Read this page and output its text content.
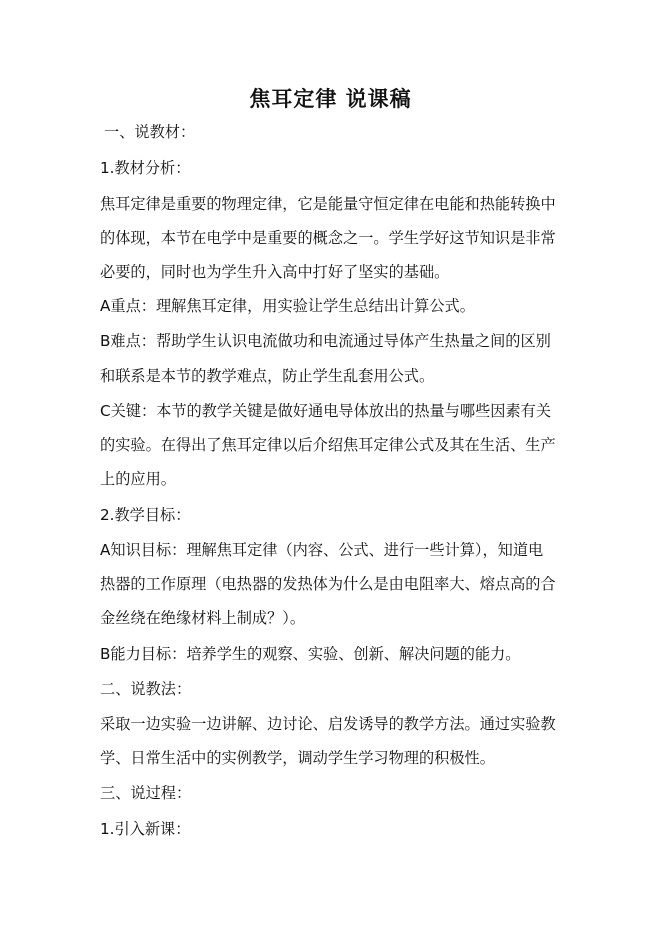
焦耳定律 说课稿
一、说教材：
1.教材分析：
焦耳定律是重要的物理定律，它是能量守恒定律在电能和热能转换中
的体现，本节在电学中是重要的概念之一。学生学好这节知识是非常
必要的，同时也为学生升入高中打好了坚实的基础。
A重点：理解焦耳定律，用实验让学生总结出计算公式。
B难点：帮助学生认识电流做功和电流通过导体产生热量之间的区别
和联系是本节的教学难点，防止学生乱套用公式。
C关键：本节的教学关键是做好通电导体放出的热量与哪些因素有关
的实验。在得出了焦耳定律以后介绍焦耳定律公式及其在生活、生产
上的应用。
2.教学目标：
A知识目标：理解焦耳定律（内容、公式、进行一些计算），知道电
热器的工作原理（电热器的发热体为什么是由电阻率大、熔点高的合
金丝绕在绝缘材料上制成？）。
B能力目标：培养学生的观察、实验、创新、解决问题的能力。
二、说教法：
采取一边实验一边讲解、边讨论、启发诱导的教学方法。通过实验教
学、日常生活中的实例教学，调动学生学习物理的积极性。
三、说过程：
1.引入新课：
